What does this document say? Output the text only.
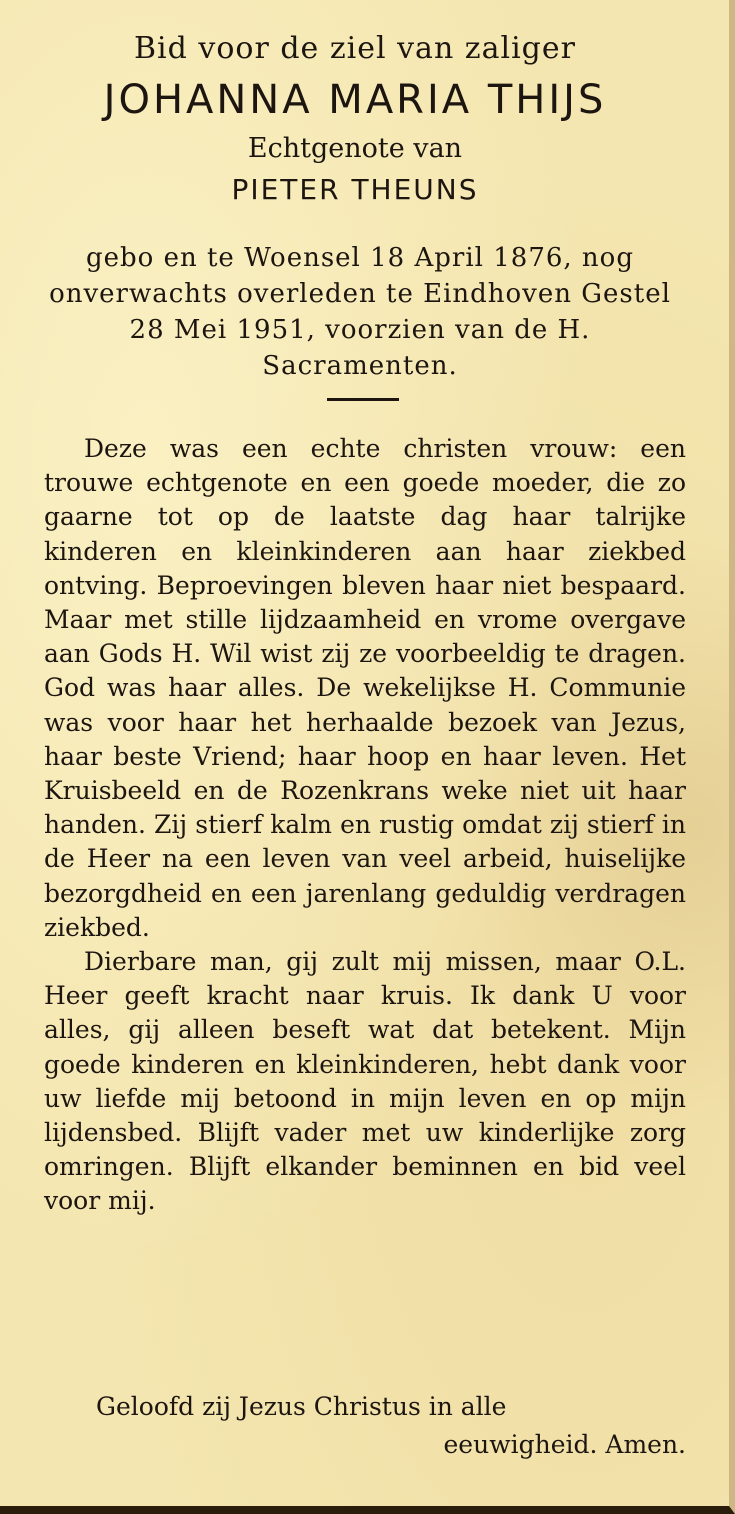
Bid voor de ziel van zaliger

JOHANNA MARIA THIJS

Echtgenote van

PIETER THEUNS

gebo en te Woensel 18 April 1876, nog onverwachts overleden te Eindhoven Gestel 28 Mei 1951, voorzien van de H. Sacramenten.

Deze was een echte christen vrouw: een trouwe echtgenote en een goede moeder, die zo gaarne tot op de laatste dag haar talrijke kinderen en kleinkinderen aan haar ziekbed ontving. Beproevingen bleven haar niet bespaard. Maar met stille lijdzaamheid en vrome overgave aan Gods H. Wil wist zij ze voorbeeldig te dragen. God was haar alles. De wekelijkse H. Communie was voor haar het herhaalde bezoek van Jezus, haar beste Vriend; haar hoop en haar leven. Het Kruisbeeld en de Rozenkrans weke niet uit haar handen. Zij stierf kalm en rustig omdat zij stierf in de Heer na een leven van veel arbeid, huiselijke bezorgdheid en een jarenlang geduldig verdragen ziekbed.

Dierbare man, gij zult mij missen, maar O.L. Heer geeft kracht naar kruis. Ik dank U voor alles, gij alleen beseft wat dat betekent. Mijn goede kinderen en kleinkinderen, hebt dank voor uw liefde mij betoond in mijn leven en op mijn lijdensbed. Blijft vader met uw kinderlijke zorg omringen. Blijft elkander beminnen en bid veel voor mij.

Geloofd zij Jezus Christus in alle
eeuwigheid. Amen.
